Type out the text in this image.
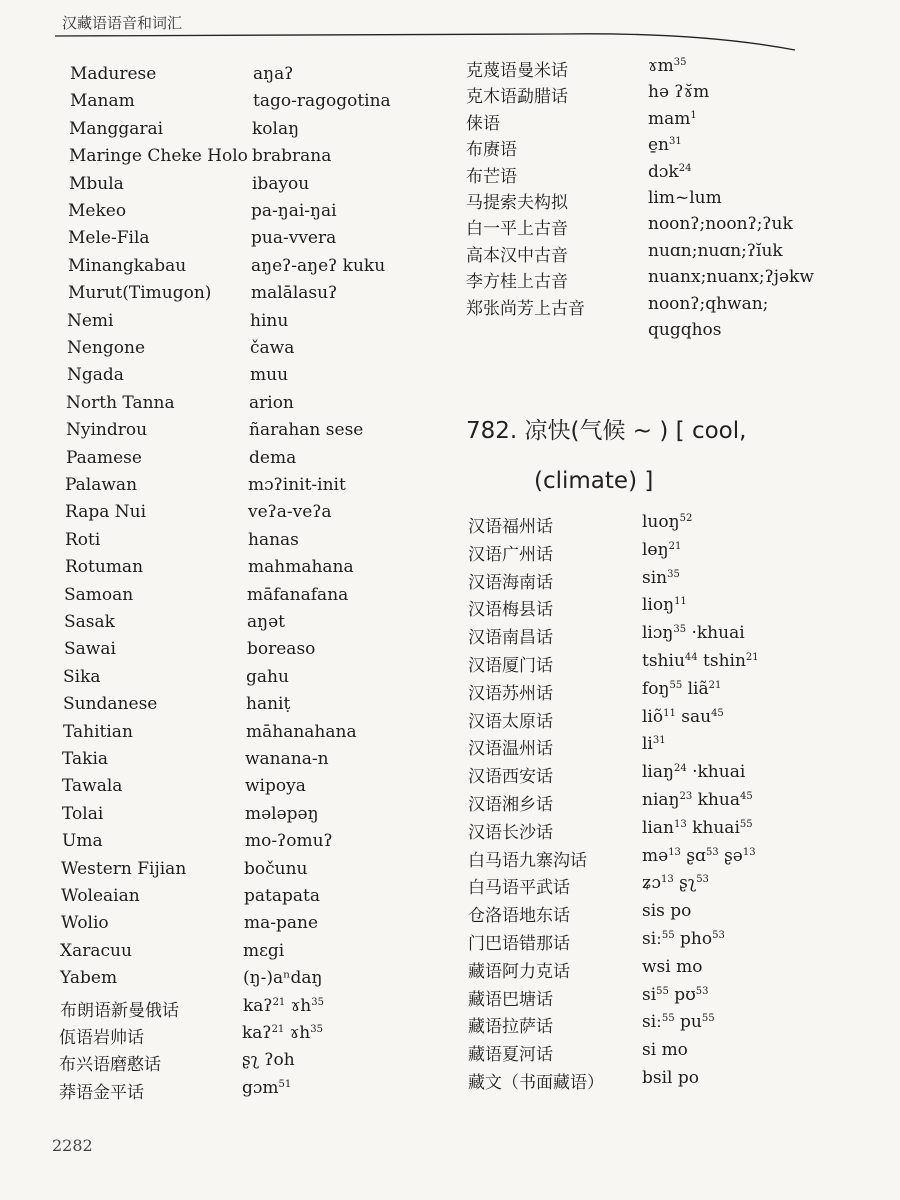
汉藏语语音和词汇
Madurese	aŋaʔ
Manam	tago-ragogotina
Manggarai	kolaŋ
Maringe Cheke Holo brabrana
Mbula	ibayou
Mekeo	pa-ŋai-ŋai
Mele-Fila	pua-vvera
Minangkabau	aŋeʔ-aŋeʔ kuku
Murut(Timugon) malālasuʔ
Nemi	hinu
Nengone	čawa
Ngada	muu
North Tanna	arion
Nyindrou	ñarahan sese
Paamese	dema
Palawan	mɔʔinit-init
Rapa Nui	veʔa-veʔa
Roti	hanas
Rotuman	mahmahana
Samoan	māfanafana
Sasak	aŋət
Sawai	boreaso
Sika	gahu
Sundanese	haniṭ
Tahitian	māhanahana
Takia	wanana-n
Tawala	wipoya
Tolai	mələpəŋ
Uma	mo-ʔomuʔ
Western Fijian	bočunu
Woleaian	patapata
Wolio	ma-pane
Xaracuu	mɛgi
Yabem	(ŋ-)aⁿdaŋ
布朗语新曼俄话	kaʔ$^{21}$ ɤh$^{35}$
佤语岩帅话	kaʔ$^{21}$ ɤh$^{35}$
布兴语磨憨话	ʂʅ ʔoh
莽语金平话	gɔm$^{51}$
克蔑语曼米话	ɤm$^{35}$
克木语勐腊话	hə ʔɤ̆m
俫语	mam$^1$
布赓语	$e̱n^{31}$
布芒语	dɔk$^{24}$
马提索夫构拟	lim~lum
白一平上古音	noonʔ;noonʔ;ʔuk
高本汉中古音	nuɑn;nuɑn;ʔĭuk
李方桂上古音	nuanx;nuanx;ʔjəkw
郑张尚芳上古音	noonʔ;qhwan;
qugqhos
782. 凉快(气候 ~ ) [ cool,
(climate) ]
汉语福州话	luoŋ$^{52}$
汉语广州话	lɵŋ$^{21}$
汉语海南话	$\sin^{35}$
汉语梅县话	lioŋ$^{11}$
汉语南昌话	liɔŋ$^{35}$ ·khuai
汉语厦门话	tshiu$^{44}$ tshin$^{21}$
汉语苏州话	foŋ$^{55}$ liã$^{21}$
汉语太原话	liõ$^{11}$ sau$^{45}$
汉语温州话	$li^{31}$
汉语西安话	liaŋ$^{24}$ ·khuai
汉语湘乡话	niaŋ$^{23}$ khua$^{45}$
汉语长沙话	lian$^{13}$ khuai$^{55}$
白马语九寨沟话	mə$^{13}$ ʂɑ$^{53}$ ʂə$^{13}$
白马语平武话	ʑɔ$^{13}$ ʂʅ$^{53}$
仓洛语地东话	sis po
门巴语错那话	siː$^{55}$ pho$^{53}$
藏语阿力克话	wsi mo
藏语巴塘话	$si^{55}$ pʊ$^{53}$
藏语拉萨话	siː$^{55}$ $pu^{55}$
藏语夏河话	si mo
藏文（书面藏语） bsil po
2282
